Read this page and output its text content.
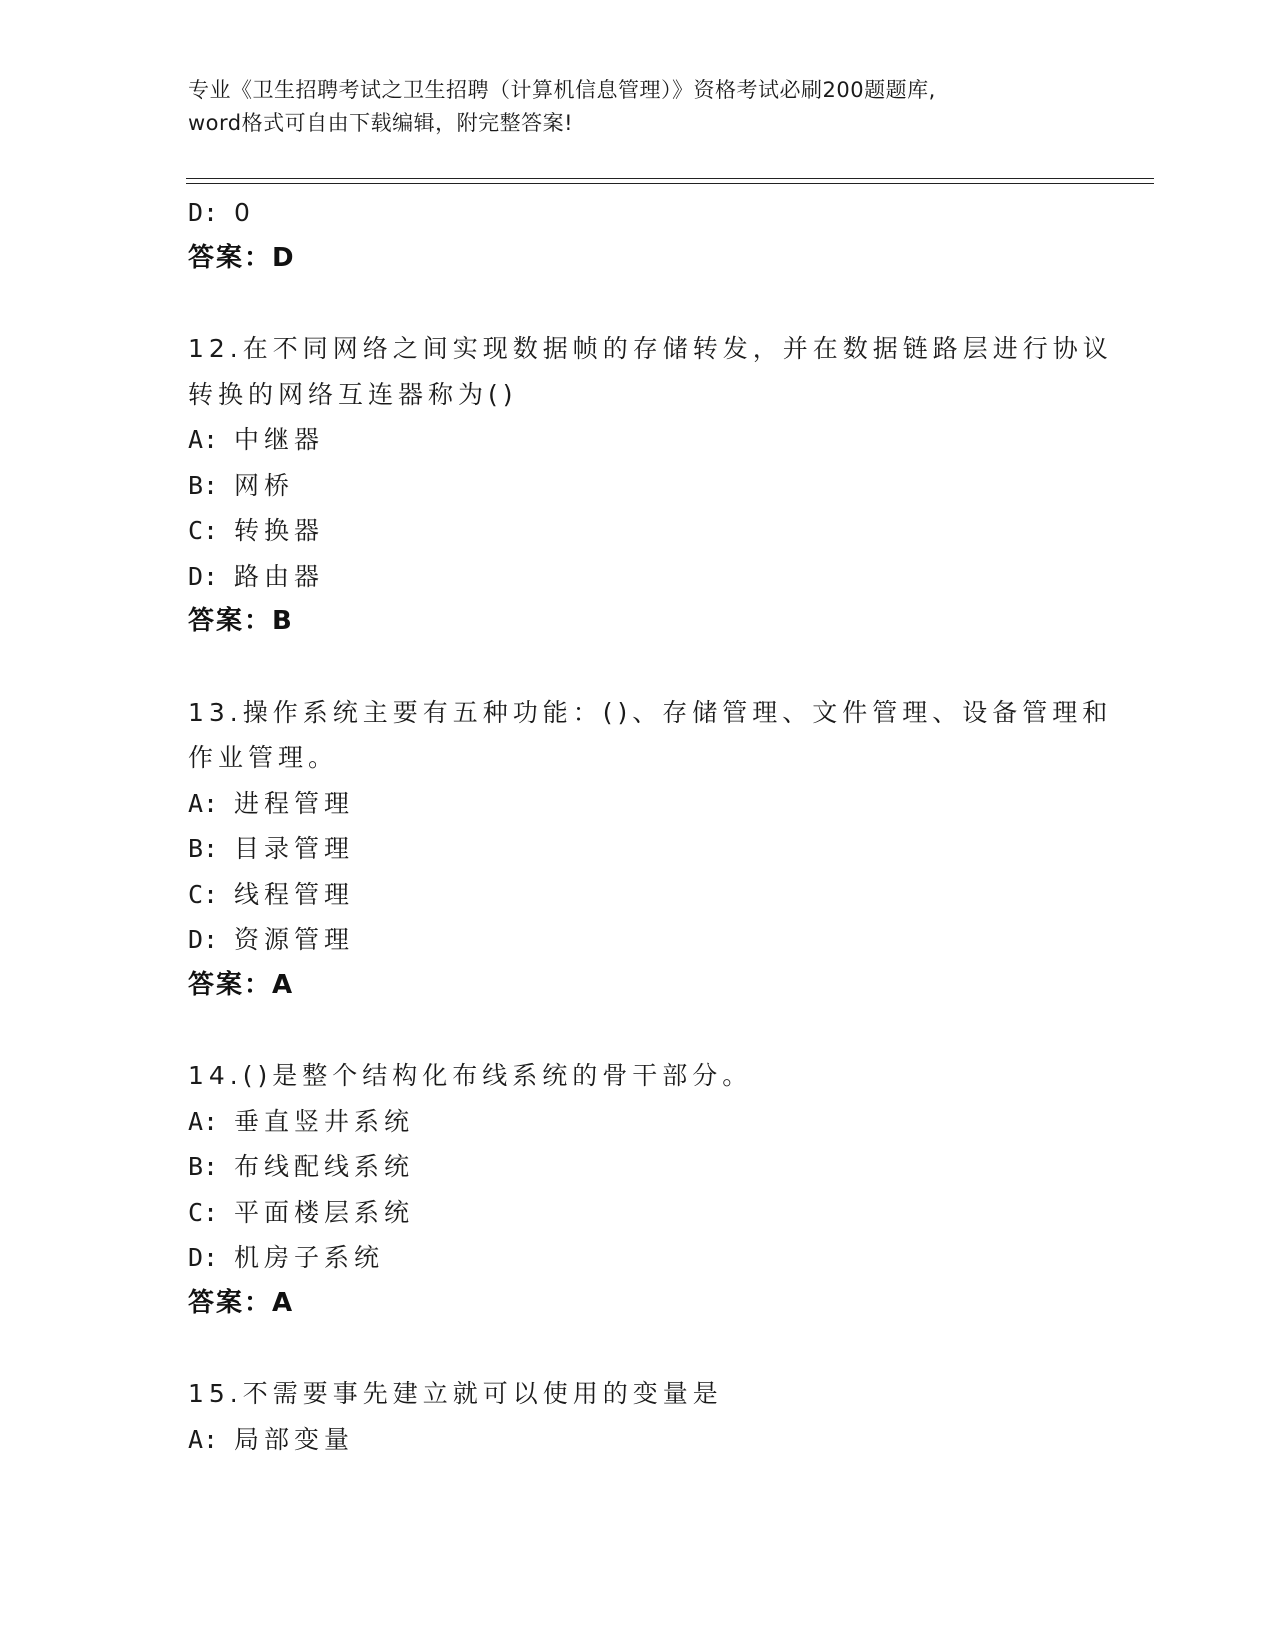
专业《卫生招聘考试之卫生招聘（计算机信息管理）》资格考试必刷200题题库,
word格式可自由下载编辑，附完整答案!
D: 0
答案：D
12.在不同网络之间实现数据帧的存储转发，并在数据链路层进行协议
转换的网络互连器称为()
A: 中继器
B: 网桥
C: 转换器
D: 路由器
答案：B
13.操作系统主要有五种功能：()、存储管理、文件管理、设备管理和
作业管理。
A: 进程管理
B: 目录管理
C: 线程管理
D: 资源管理
答案：A
14.()是整个结构化布线系统的骨干部分。
A: 垂直竖井系统
B: 布线配线系统
C: 平面楼层系统
D: 机房子系统
答案：A
15.不需要事先建立就可以使用的变量是
A: 局部变量
